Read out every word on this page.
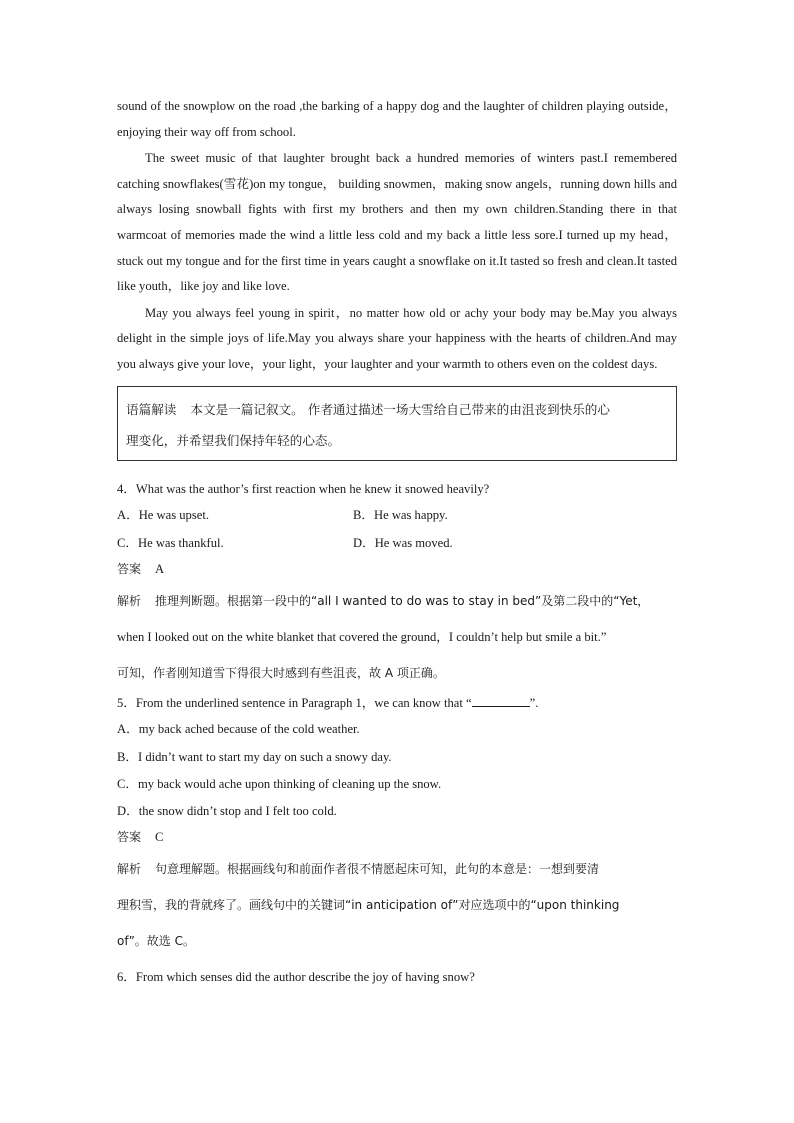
sound of the snowplow on the road ,the barking of a happy dog and the laughter of children playing outside，enjoying their way off from school.

The sweet music of that laughter brought back a hundred memories of winters past.I remembered catching snowflakes(雪花)on my tongue， building snowmen，making snow angels，running down hills and always losing snowball fights with first my brothers and then my own children.Standing there in that warmcoat of memories made the wind a little less cold and my back a little less sore.I turned up my head， stuck out my tongue and for the first time in years caught a snowflake on it.It tasted so fresh and clean.It tasted like youth，like joy and like love.

May you always feel young in spirit，no matter how old or achy your body may be.May you always delight in the simple joys of life.May you always share your happiness with the hearts of children.And may you always give your love，your light，your laughter and your warmth to others even on the coldest days.

语篇解读 本文是一篇记叙文。 作者通过描述一场大雪给自己带来的由沮丧到快乐的心

理变化，并希望我们保持年轻的心态。

4．What was the author’s first reaction when he knew it snowed heavily?

A．He was upset.	B．He was happy.
C．He was thankful.	D．He was moved.

答案 A

解析 推理判断题。根据第一段中的“all I wanted to do was to stay in bed”及第二段中的“Yet，

when I looked out on the white blanket that covered the ground，I couldn’t help but smile a bit.”

可知，作者刚知道雪下得很大时感到有些沮丧，故 A 项正确。

5．From the underlined sentence in Paragraph 1，we can know that “	”.

A．my back ached because of the cold weather.

B．I didn’t want to start my day on such a snowy day.

C．my back would ache upon thinking of cleaning up the snow.

D．the snow didn’t stop and I felt too cold.

答案 C

解析 句意理解题。根据画线句和前面作者很不情愿起床可知，此句的本意是：一想到要清

理积雪，我的背就疼了。画线句中的关键词“in anticipation of”对应选项中的“upon thinking

of”。故选 C。

6．From which senses did the author describe the joy of having snow?
